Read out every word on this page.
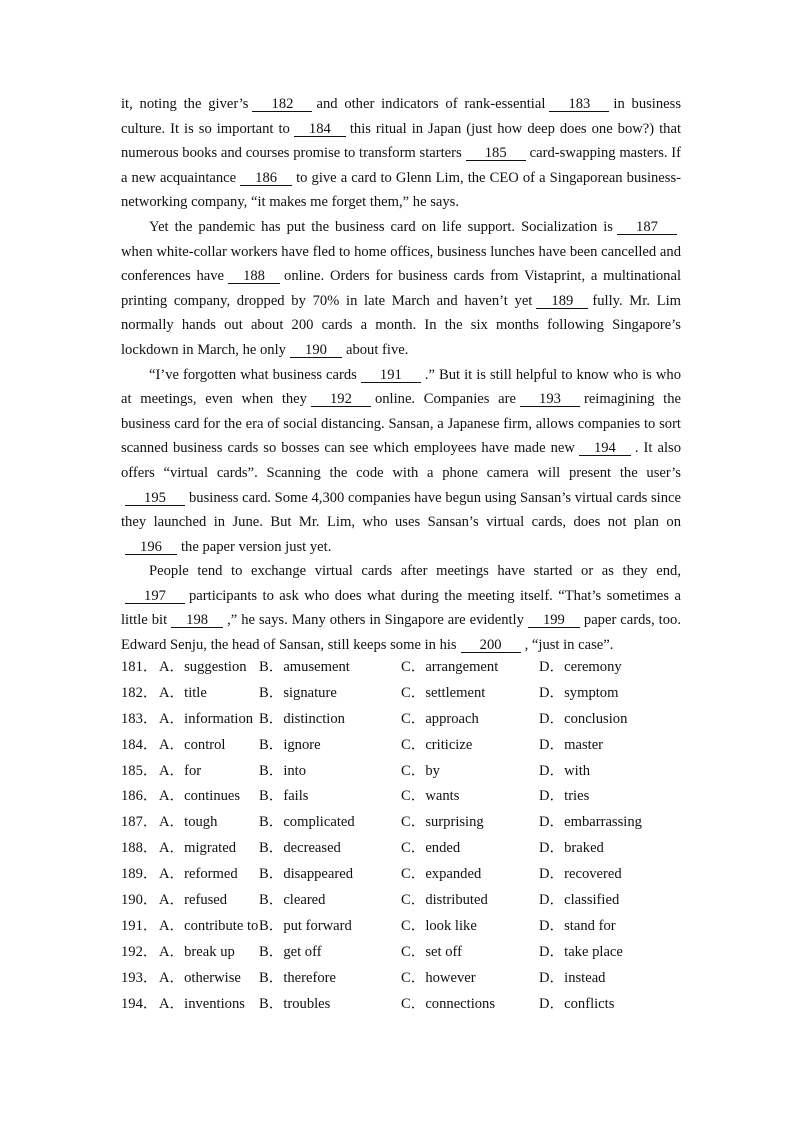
it, noting the giver’s 182 and other indicators of rank-essential 183 in business culture. It is so important to 184 this ritual in Japan (just how deep does one bow?) that numerous books and courses promise to transform starters 185 card-swapping masters. If a new acquaintance 186 to give a card to Glenn Lim, the CEO of a Singaporean business-networking company, “it makes me forget them,” he says.

Yet the pandemic has put the business card on life support. Socialization is 187when white-collar workers have fled to home offices, business lunches have been cancelled and conferences have 188 online. Orders for business cards from Vistaprint, a multinational printing company, dropped by 70% in late March and haven’t yet 189 fully. Mr. Lim normally hands out about 200 cards a month. In the six months following Singapore’s lockdown in March, he only 190 about five.

“I’ve forgotten what business cards 191 .” But it is still helpful to know who is who at meetings, even when they 192 online. Companies are 193 reimagining the business card for the era of social distancing. Sansan, a Japanese firm, allows companies to sort scanned business cards so bosses can see which employees have made new 194 . It also offers “virtual cards”. Scanning the code with a phone camera will present the user’s195 business card. Some 4,300 companies have begun using Sansan’s virtual cards since they launched in June. But Mr. Lim, who uses Sansan’s virtual cards, does not plan on196 the paper version just yet.

People tend to exchange virtual cards after meetings have started or as they end,197 participants to ask who does what during the meeting itself. “That’s sometimes a little bit 198 ,” he says. Many others in Singapore are evidently 199 paper cards, too. Edward Senju, the head of Sansan, still keeps some in his 200 , “just in case”.

181． A．suggestion B．amusement	C．arrangement	D．ceremony
182． A．title	B．signature	C．settlement	D．symptom
183． A．information B．distinction	C．approach	D．conclusion
184． A．control B．ignore	C．criticize	D．master
185． A．for	B．into	C．by	D．with
186． A．continues B．fails	C．wants	D．tries
187． A．tough	B．complicated	C．surprising	D．embarrassing
188． A．migrated B．decreased	C．ended	D．braked
189． A．reformed B．disappeared	C．expanded	D．recovered
190． A．refused B．cleared	C．distributed	D．classified
191． A．contribute to B．put forward	C．look like	D．stand for
192． A．break up B．get off	C．set off	D．take place
193． A．otherwise B．therefore	C．however	D．instead
194． A．inventions B．troubles	C．connections	D．conflicts
